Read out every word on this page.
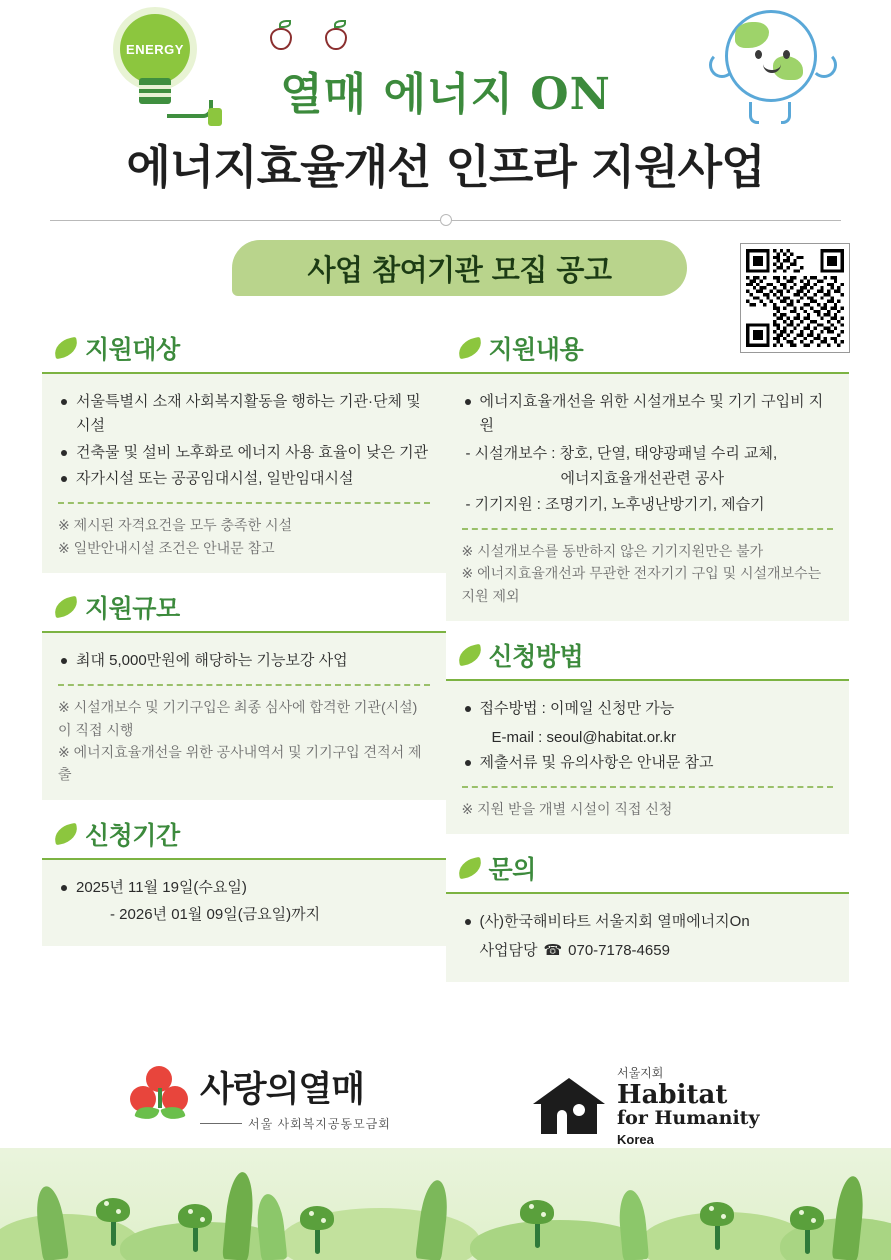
ENERGY
열매 에너지 ON
에너지효율개선 인프라 지원사업
사업 참여기관 모집 공고
지원대상
서울특별시 소재 사회복지활동을 행하는 기관·단체 및 시설
건축물 및 설비 노후화로 에너지 사용 효율이 낮은 기관
자가시설 또는 공공임대시설, 일반임대시설
※ 제시된 자격요건을 모두 충족한 시설
※ 일반안내시설 조건은 안내문 참고
지원규모
최대 5,000만원에 해당하는 기능보강 사업
※ 시설개보수 및 기기구입은 최종 심사에 합격한 기관(시설)이 직접 시행
※ 에너지효율개선을 위한 공사내역서 및 기기구입 견적서 제출
신청기간
2025년 11월 19일(수요일)
- 2026년 01월 09일(금요일)까지
지원내용
에너지효율개선을 위한 시설개보수 및 기기 구입비 지원
- 시설개보수 : 창호, 단열, 태양광패널 수리 교체,
에너지효율개선관련 공사
- 기기지원 : 조명기기, 노후냉난방기기, 제습기
※ 시설개보수를 동반하지 않은 기기지원만은 불가
※ 에너지효율개선과 무관한 전자기기 구입 및 시설개보수는 지원 제외
신청방법
접수방법 : 이메일 신청만 가능
E-mail : seoul@habitat.or.kr
제출서류 및 유의사항은 안내문 참고
※ 지원 받을 개별 시설이 직접 신청
문의
(사)한국해비타트 서울지회 열매에너지On
사업담당 ☎ 070-7178-4659
사랑의열매
서울 사회복지공동모금회
서울지회
Habitat
for Humanity
Korea
